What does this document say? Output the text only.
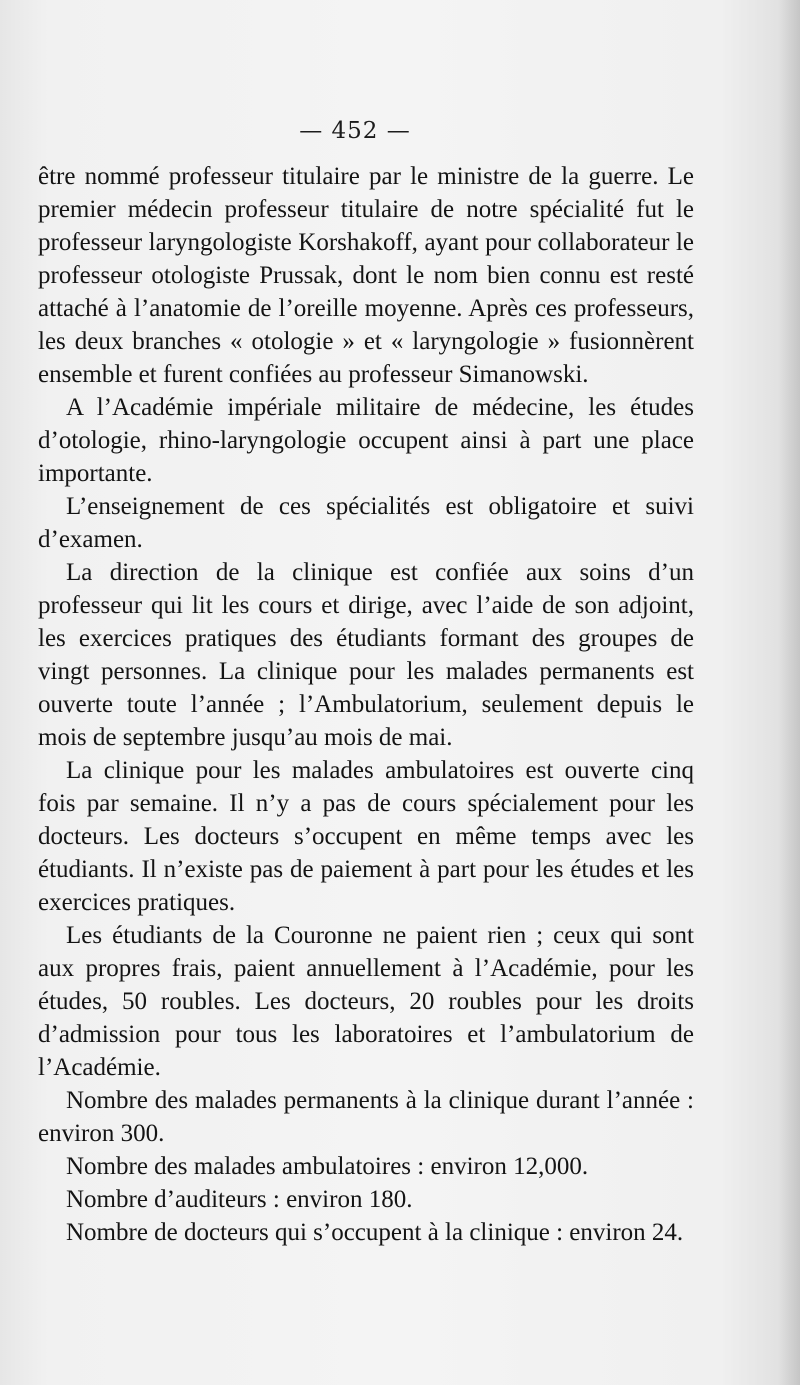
— 452 —

être nommé professeur titulaire par le ministre de la guerre. Le premier médecin professeur titulaire de notre spécialité fut le professeur laryngologiste Korshakoff, ayant pour collaborateur le professeur otologiste Prussak, dont le nom bien connu est resté attaché à l’anatomie de l’oreille moyenne. Après ces professeurs, les deux branches « otologie » et « laryngologie » fusionnèrent ensemble et furent confiées au professeur Simanowski.

A l’Académie impériale militaire de médecine, les études d’otologie, rhino-laryngologie occupent ainsi à part une place importante.

L’enseignement de ces spécialités est obligatoire et suivi d’examen.

La direction de la clinique est confiée aux soins d’un professeur qui lit les cours et dirige, avec l’aide de son adjoint, les exercices pratiques des étudiants formant des groupes de vingt personnes. La clinique pour les malades permanents est ouverte toute l’année ; l’Ambulatorium, seulement depuis le mois de septembre jusqu’au mois de mai.

La clinique pour les malades ambulatoires est ouverte cinq fois par semaine. Il n’y a pas de cours spécialement pour les docteurs. Les docteurs s’occupent en même temps avec les étudiants. Il n’existe pas de paiement à part pour les études et les exercices pratiques.

Les étudiants de la Couronne ne paient rien ; ceux qui sont aux propres frais, paient annuellement à l’Académie, pour les études, 50 roubles. Les docteurs, 20 roubles pour les droits d’admission pour tous les laboratoires et l’ambulatorium de l’Académie.

Nombre des malades permanents à la clinique durant l’année : environ 300.

Nombre des malades ambulatoires : environ 12,000.

Nombre d’auditeurs : environ 180.

Nombre de docteurs qui s’occupent à la clinique : environ 24.
